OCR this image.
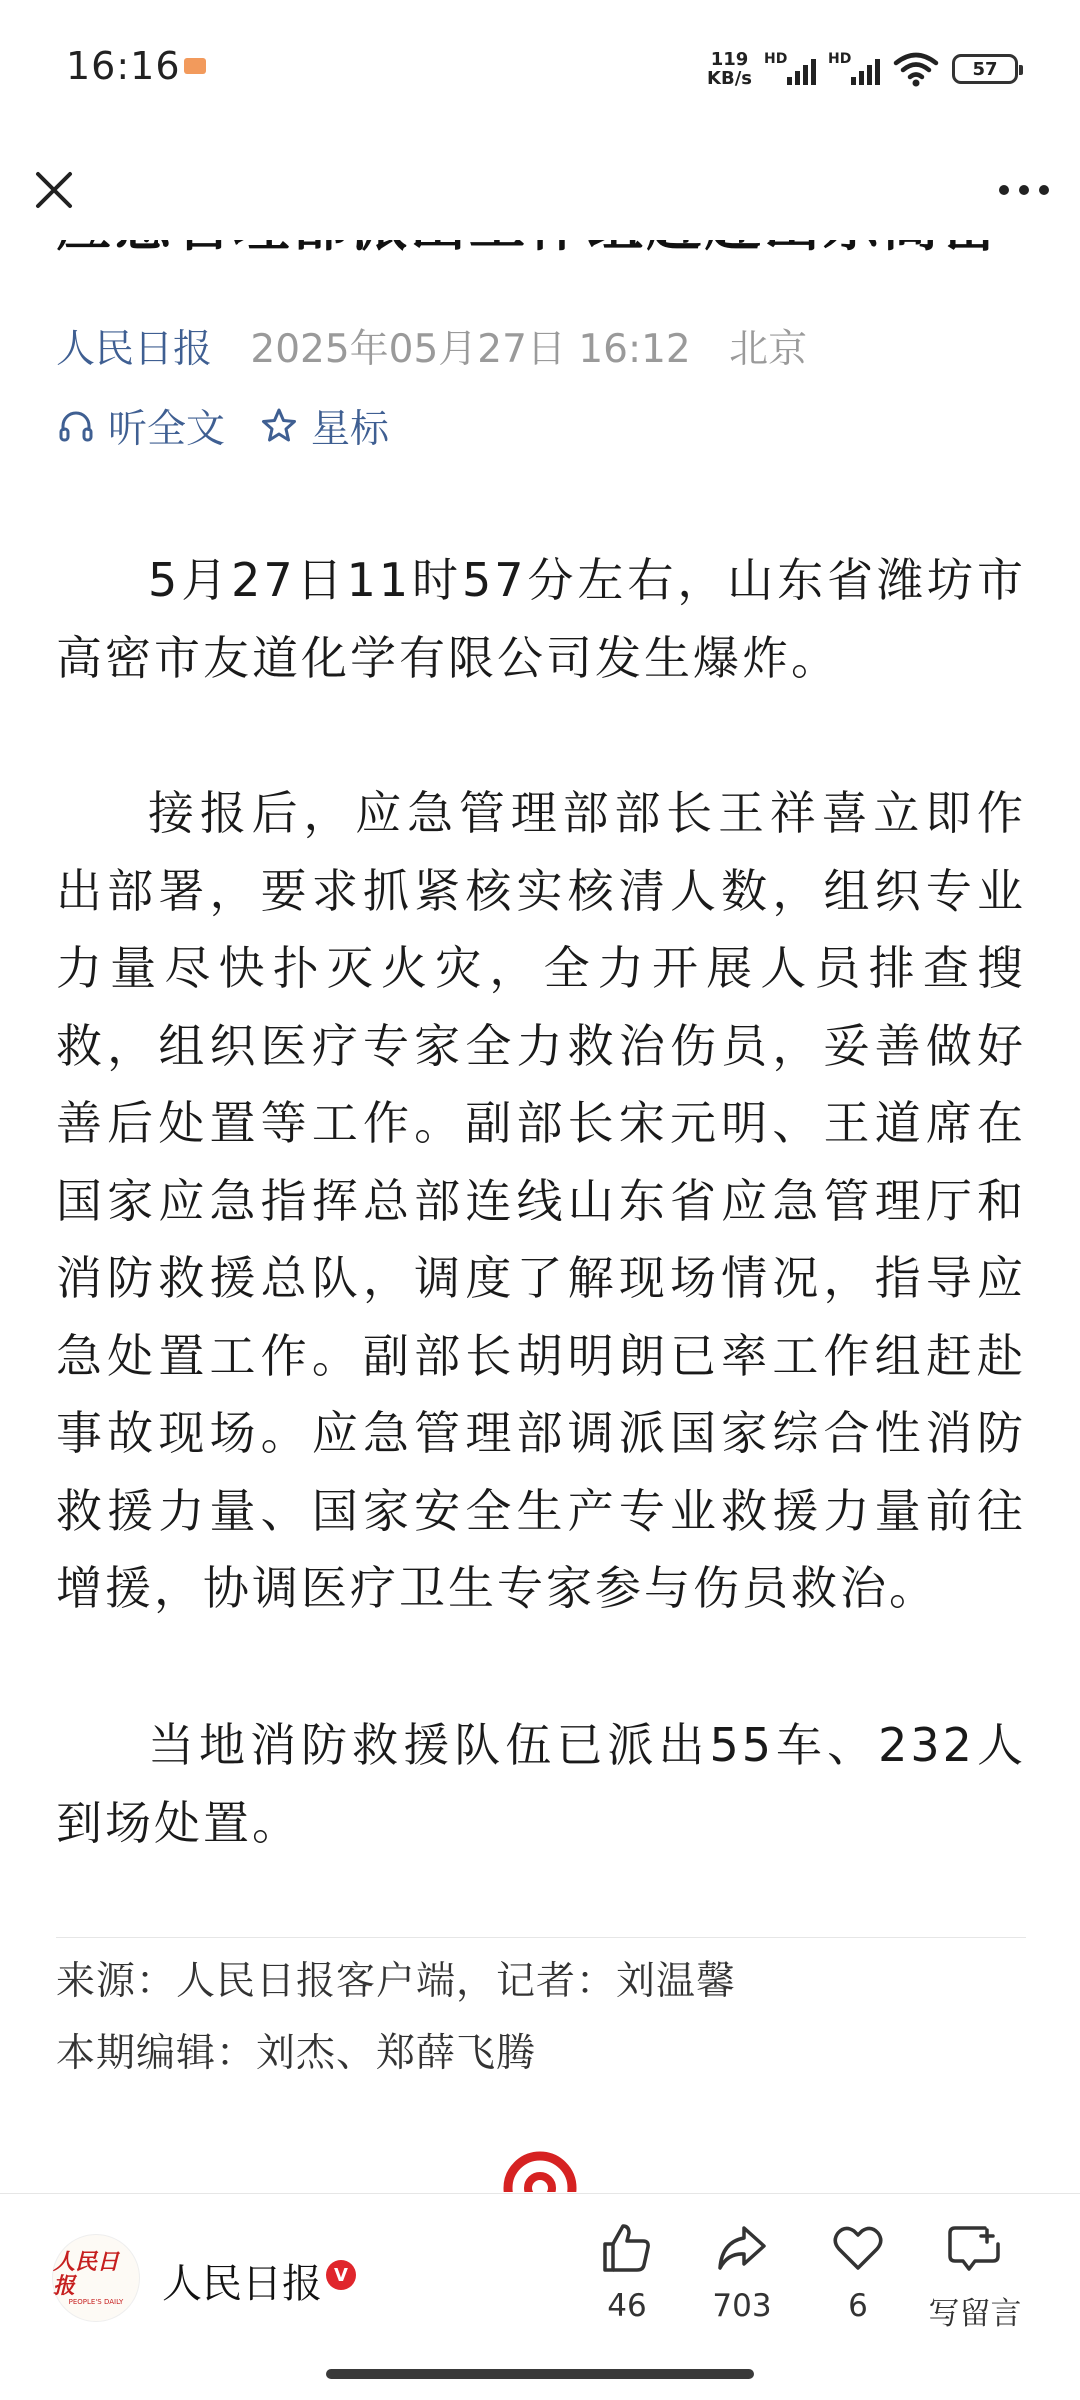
16:16	119
KB/s
HD	HD	57
人民日报 2025年05月27日 16:12 北京
听全文 星标

5月27日11时57分左右，山东省潍坊市高密市友道化学有限公司发生爆炸。

接报后，应急管理部部长王祥喜立即作出部署，要求抓紧核实核清人数，组织专业力量尽快扑灭火灾，全力开展人员排查搜救，组织医疗专家全力救治伤员，妥善做好善后处置等工作。副部长宋元明、王道席在国家应急指挥总部连线山东省应急管理厅和消防救援总队，调度了解现场情况，指导应急处置工作。副部长胡明朗已率工作组赶赴事故现场。应急管理部调派国家综合性消防救援力量、国家安全生产专业救援力量前往增援，协调医疗卫生专家参与伤员救治。

当地消防救援队伍已派出55车、232人到场处置。

来源：人民日报客户端，记者：刘温馨
本期编辑：刘杰、郑薛飞腾
人民日报
PEOPLE'S DAILY 人民日报 V
46 703 6 写留言
